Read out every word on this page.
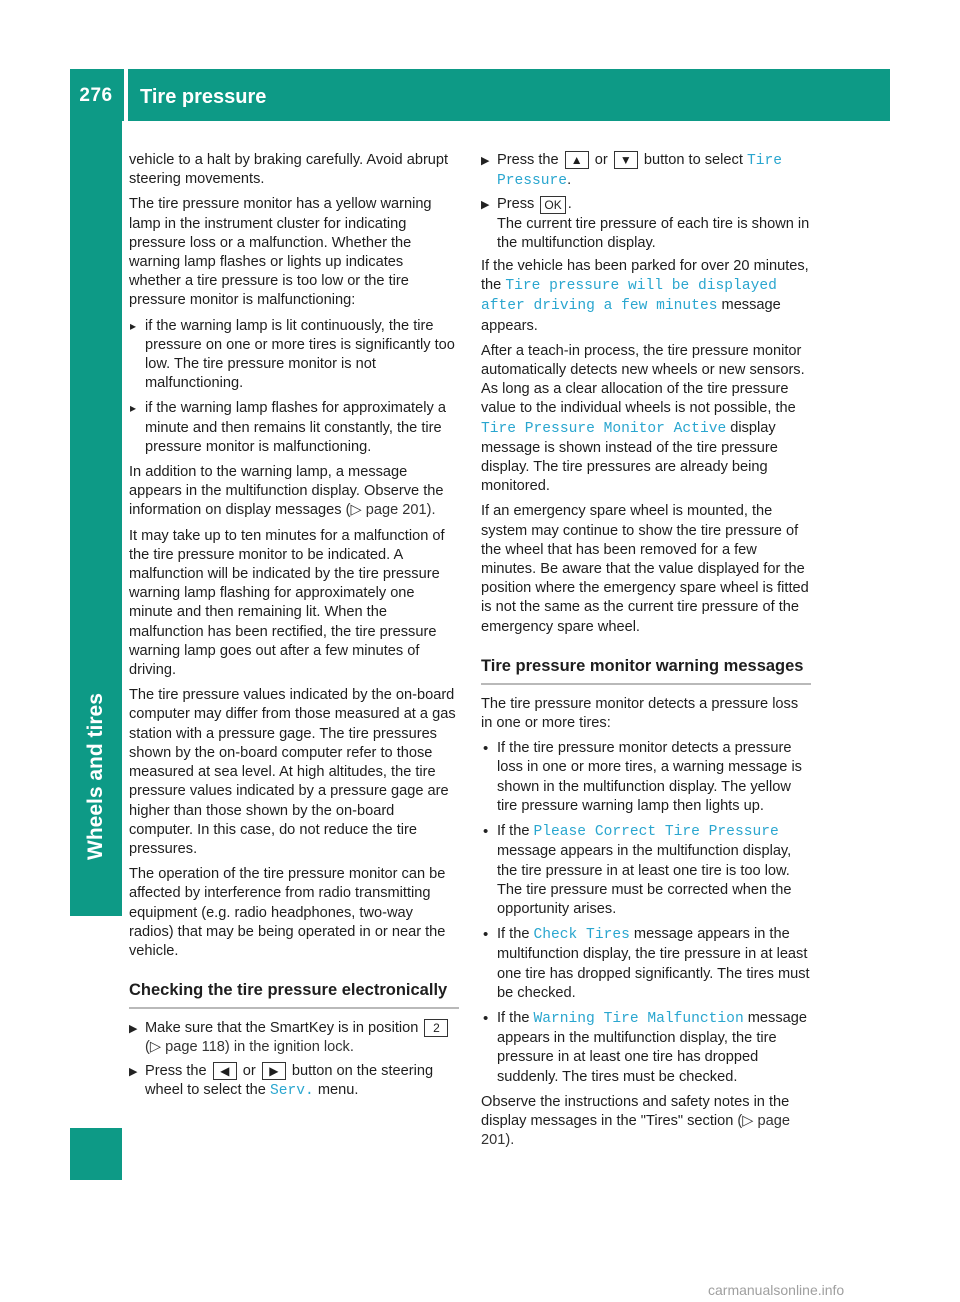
276	Tire pressure
Wheels and tires

vehicle to a halt by braking carefully. Avoid abrupt steering movements.

The tire pressure monitor has a yellow warning lamp in the instrument cluster for indicating pressure loss or a malfunction. Whether the warning lamp flashes or lights up indicates whether a tire pressure is too low or the tire pressure monitor is malfunctioning:

▸ if the warning lamp is lit continuously, the tire pressure on one or more tires is significantly too low. The tire pressure monitor is not malfunctioning.
▸ if the warning lamp flashes for approximately a minute and then remains lit constantly, the tire pressure monitor is malfunctioning.

In addition to the warning lamp, a message appears in the multifunction display. Observe the information on display messages (▷ page 201).

It may take up to ten minutes for a malfunction of the tire pressure monitor to be indicated. A malfunction will be indicated by the tire pressure warning lamp flashing for approximately one minute and then remaining lit. When the malfunction has been rectified, the tire pressure warning lamp goes out after a few minutes of driving.

The tire pressure values indicated by the on-board computer may differ from those measured at a gas station with a pressure gage. The tire pressures shown by the on-board computer refer to those measured at sea level. At high altitudes, the tire pressure values indicated by a pressure gage are higher than those shown by the on-board computer. In this case, do not reduce the tire pressures.

The operation of the tire pressure monitor can be affected by interference from radio transmitting equipment (e.g. radio headphones, two-way radios) that may be being operated in or near the vehicle.

Checking the tire pressure electronically
▶ Make sure that the SmartKey is in position 2 (▷ page 118) in the ignition lock.
▶ Press the ◀ or ▶ button on the steering wheel to select the Serv. menu.
▶ Press the ▲ or ▼ button to select Tire Pressure.
▶ Press OK .
The current tire pressure of each tire is shown in the multifunction display.

If the vehicle has been parked for over 20 minutes, the Tire pressure will be displayed after driving a few minutes message appears.

After a teach-in process, the tire pressure monitor automatically detects new wheels or new sensors. As long as a clear allocation of the tire pressure value to the individual wheels is not possible, the Tire Pressure Monitor Active display message is shown instead of the tire pressure display. The tire pressures are already being monitored.

If an emergency spare wheel is mounted, the system may continue to show the tire pressure of the wheel that has been removed for a few minutes. Be aware that the value displayed for the position where the emergency spare wheel is fitted is not the same as the current tire pressure of the emergency spare wheel.

Tire pressure monitor warning messages

The tire pressure monitor detects a pressure loss in one or more tires:

• If the tire pressure monitor detects a pressure loss in one or more tires, a warning message is shown in the multifunction display. The yellow tire pressure warning lamp then lights up.
• If the Please Correct Tire Pressure message appears in the multifunction display, the tire pressure in at least one tire is too low. The tire pressure must be corrected when the opportunity arises.
• If the Check Tires message appears in the multifunction display, the tire pressure in at least one tire has dropped significantly. The tires must be checked.
• If the Warning Tire Malfunction message appears in the multifunction display, the tire pressure in at least one tire has dropped suddenly. The tires must be checked.

Observe the instructions and safety notes in the display messages in the "Tires" section (▷ page 201).

carmanualsonline.info
